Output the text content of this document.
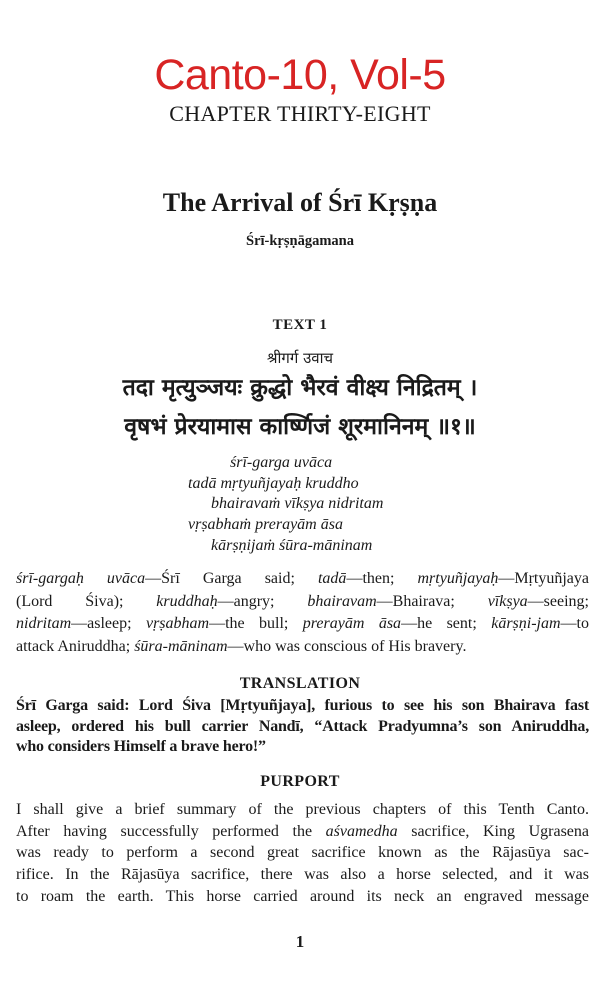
Canto-10, Vol-5
CHAPTER THIRTY-EIGHT
The Arrival of Śrī Kṛṣṇa
Śrī-kṛṣṇāgamana
TEXT 1
श्रीगर्ग उवाच
तदा मृत्युञ्जयः क्रुद्धो भैरवं वीक्ष्य निद्रितम् ।
वृषभं प्रेरयामास कार्ष्णिजं शूरमानिनम् ॥१॥
śrī-garga uvāca
tadā mṛtyuñjayaḥ kruddho
bhairavaṁ vīkṣya nidritam
vṛṣabhaṁ prerayām āsa
kārṣṇijaṁ śūra-māninam
śrī-gargaḥ uvāca—Śrī Garga said; tadā—then; mṛtyuñjayaḥ—Mṛtyuñjaya
(Lord Śiva); kruddhaḥ—angry; bhairavam—Bhairava; vīkṣya—seeing;
nidritam—asleep; vṛṣabham—the bull; prerayām āsa—he sent; kārṣṇi-jam—to
attack Aniruddha; śūra-māninam—who was conscious of His bravery.
TRANSLATION
Śrī Garga said: Lord Śiva [Mṛtyuñjaya], furious to see his son Bhairava fast
asleep, ordered his bull carrier Nandī, “Attack Pradyumna’s son Aniruddha,
who considers Himself a brave hero!”
PURPORT
I shall give a brief summary of the previous chapters of this Tenth Canto.
After having successfully performed the aśvamedha sacrifice, King Ugrasena
was ready to perform a second great sacrifice known as the Rājasūya sac-
rifice. In the Rājasūya sacrifice, there was also a horse selected, and it was
to roam the earth. This horse carried around its neck an engraved message
1
